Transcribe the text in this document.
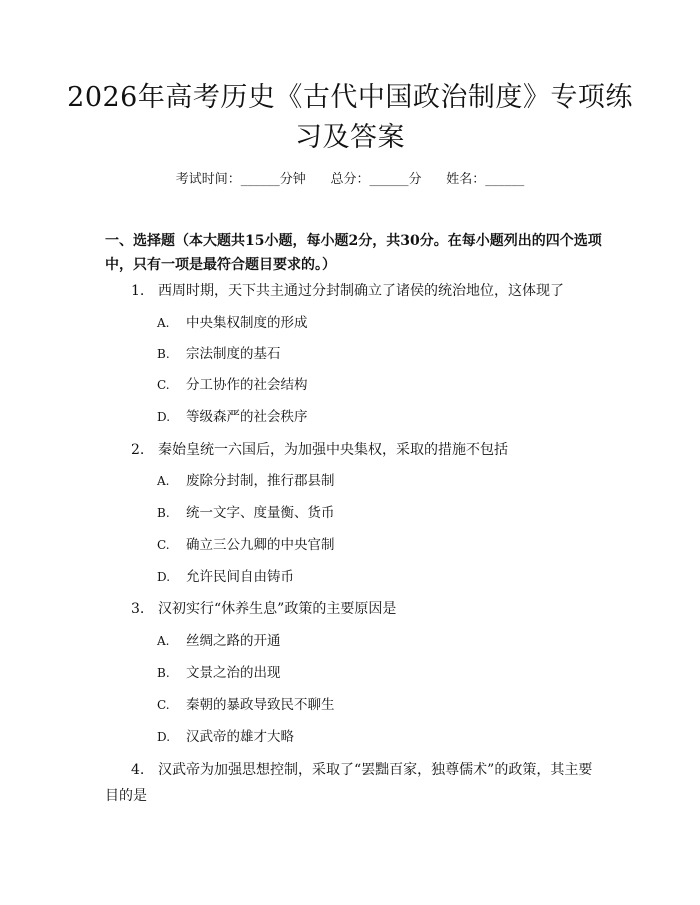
2026年高考历史《古代中国政治制度》专项练习及答案
考试时间：______分钟      总分：______分      姓名：______
一、选择题（本大题共15小题，每小题2分，共30分。在每小题列出的四个选项中，只有一项是最符合题目要求的。）
1. 西周时期，天下共主通过分封制确立了诸侯的统治地位，这体现了
A. 中央集权制度的形成
B. 宗法制度的基石
C. 分工协作的社会结构
D. 等级森严的社会秩序
2. 秦始皇统一六国后，为加强中央集权，采取的措施不包括
A. 废除分封制，推行郡县制
B. 统一文字、度量衡、货币
C. 确立三公九卿的中央官制
D. 允许民间自由铸币
3. 汉初实行“休养生息”政策的主要原因是
A. 丝绸之路的开通
B. 文景之治的出现
C. 秦朝的暴政导致民不聊生
D. 汉武帝的雄才大略
4. 汉武帝为加强思想控制，采取了“罢黜百家，独尊儒术”的政策，其主要目的是
